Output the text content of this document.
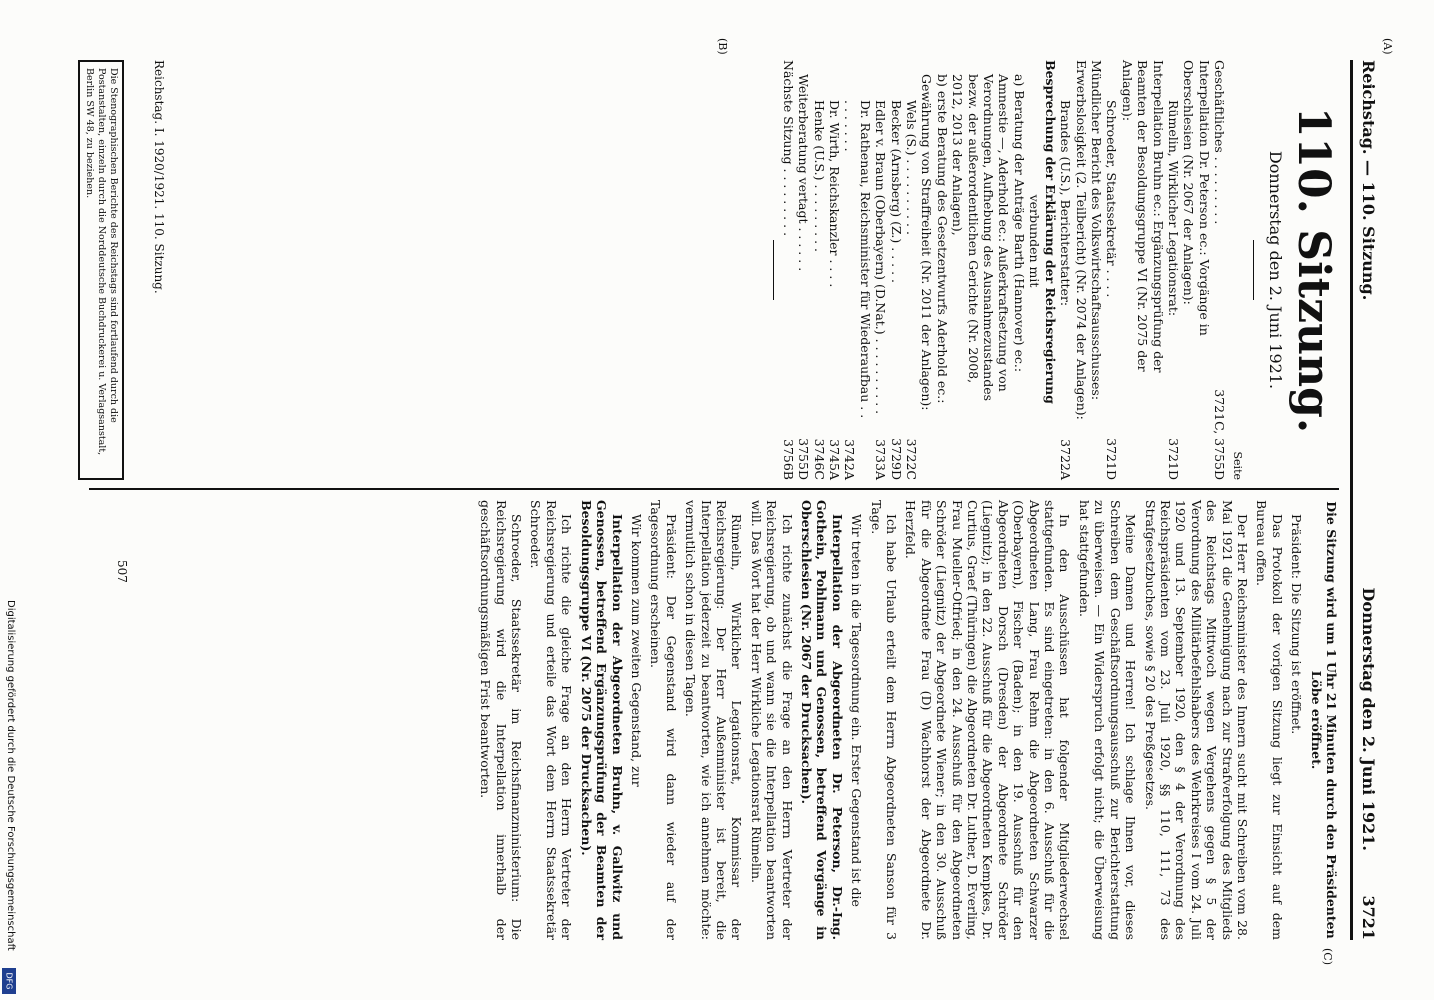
Reichstag. — 110. Sitzung.
Donnerstag den 2. Juni 1921.        3721
(A)
(B)
(C)
110. Sitzung.
Donnerstag den 2. Juni 1921.
Seite
Geschäftliches . . . . . . . . .
3721C, 3755D
Interpellation Dr. Peterson ec.: Vorgänge in Oberschlesien (Nr. 2067 der Anlagen):
Rümelin, Wirklicher Legationsrat:
3721D
Interpellation Bruhn ec.: Ergänzungsprüfung der Beamten der Besoldungsgruppe VI (Nr. 2075 der Anlagen):
Schroeder, Staatssekretär . . . .
3721D
Mündlicher Bericht des Volkswirtschaftsausschusses: Erwerbslosigkeit (2. Teilbericht) (Nr. 2074 der Anlagen):
Brandes (U.S.), Berichterstatter:
3722A
Besprechung der Erklärung der Reichsregierung
verbunden mit
a) Beratung der Anträge Barth (Hannover) ec.: Amnestie —, Aderhold ec.: Außerkraftsetzung von Verordnungen, Aufhebung des Ausnahmezustandes bezw. der außerordentlichen Gerichte (Nr. 2008, 2012, 2013 der Anlagen),
b) erste Beratung des Gesetzentwurfs Aderhold ec.: Gewährung von Straffreiheit (Nr. 2011 der Anlagen):
Wels (S.) . . . . . . . . . .
3722C
Becker (Arnsberg) (Z.) . . . . .
3729D
Edler v. Braun (Oberbayern) (D.Nat.) . . . . . . . . . .
3733A
Dr. Rathenau, Reichsminister für Wiederaufbau . . . . . . . . .
3742A
Dr. Wirth, Reichskanzler . . . .
3745A
Henke (U.S.) . . . . . . . . .
3746C
Weiterberatung vertagt . . . . . .
3755D
Nächste Sitzung . . . . . . . . .
3756B
Reichstag. I. 1920/1921. 110. Sitzung.
Die Stenographischen Berichte des Reichstags sind fortlaufend durch die Postanstalten, einzeln durch die Norddeutsche Buchdruckerei u. Verlagsanstalt, Berlin SW 48, zu beziehen.

Die Sitzung wird um 1 Uhr 21 Minuten durch den Präsidenten Löbe eröffnet.

Präsident: Die Sitzung ist eröffnet.

Das Protokoll der vorigen Sitzung liegt zur Einsicht auf dem Bureau offen.

Der Herr Reichsminister des Innern sucht mit Schreiben vom 28. Mai 1921 die Genehmigung nach zur Strafverfolgung des Mitglieds des Reichstags Mittwoch wegen Vergehens gegen § 5 der Verordnung des Militärbefehlshabers des Wehrkreises I vom 24. Juli 1920 und 13. September 1920, den § 4 der Verordnung des Reichspräsidenten vom 23. Juli 1920, §§ 110, 111, 73 des Strafgesetzbuches, sowie § 20 des Preßgesetzes.

Meine Damen und Herren! Ich schlage Ihnen vor, dieses Schreiben dem Geschäftsordnungsausschuß zur Berichterstattung zu überweisen. — Ein Widerspruch erfolgt nicht; die Überweisung hat stattgefunden.

In den Ausschüssen hat folgender Mitgliederwechsel stattgefunden. Es sind eingetreten: in den 6. Ausschuß für die Abgeordneten Lang, Frau Rehm die Abgeordneten Schwarzer (Oberbayern), Fischer (Baden); in den 19. Ausschuß für den Abgeordneten Dorsch (Dresden) der Abgeordnete Schröder (Liegnitz); in den 22. Ausschuß für die Abgeordneten Kempkes, Dr. Curtius, Graef (Thüringen) die Abgeordneten Dr. Luther, D. Everling, Frau Mueller-Otfried; in den 24. Ausschuß für den Abgeordneten Schröder (Liegnitz) der Abgeordnete Wiener; in den 30. Ausschuß für die Abgeordnete Frau (D) Wachhorst der Abgeordnete Dr. Herzfeld.

Ich habe Urlaub erteilt dem Herrn Abgeordneten Sanson für 3 Tage.

Wir treten in die Tagesordnung ein. Erster Gegenstand ist die

Interpellation der Abgeordneten Dr. Peterson, Dr.-Ing. Gothein, Pohlmann und Genossen, betreffend Vorgänge in Oberschlesien (Nr. 2067 der Drucksachen).

Ich richte zunächst die Frage an den Herrn Vertreter der Reichsregierung, ob und wann sie die Interpellation beantworten will. Das Wort hat der Herr Wirkliche Legationsrat Rümelin.

Rümelin, Wirklicher Legationsrat, Kommissar der Reichsregierung: Der Herr Außenminister ist bereit, die Interpellation jederzeit zu beantworten, wie ich annehmen möchte: vermutlich schon in diesen Tagen.

Präsident: Der Gegenstand wird dann wieder auf der Tagesordnung erscheinen.

Wir kommen zum zweiten Gegenstand, zur

Interpellation der Abgeordneten Bruhn, v. Gallwitz und Genossen, betreffend Ergänzungsprüfung der Beamten der Besoldungsgruppe VI (Nr. 2075 der Drucksachen).

Ich richte die gleiche Frage an den Herrn Vertreter der Reichsregierung und erteile das Wort dem Herrn Staatssekretär Schroeder.

Schroeder, Staatssekretär im Reichsfinanzministerium: Die Reichsregierung wird die Interpellation innerhalb der geschäftsordnungsmäßigen Frist beantworten.

507
Digitalisierung gefördert durch die Deutsche Forschungsgemeinschaft
DFG
